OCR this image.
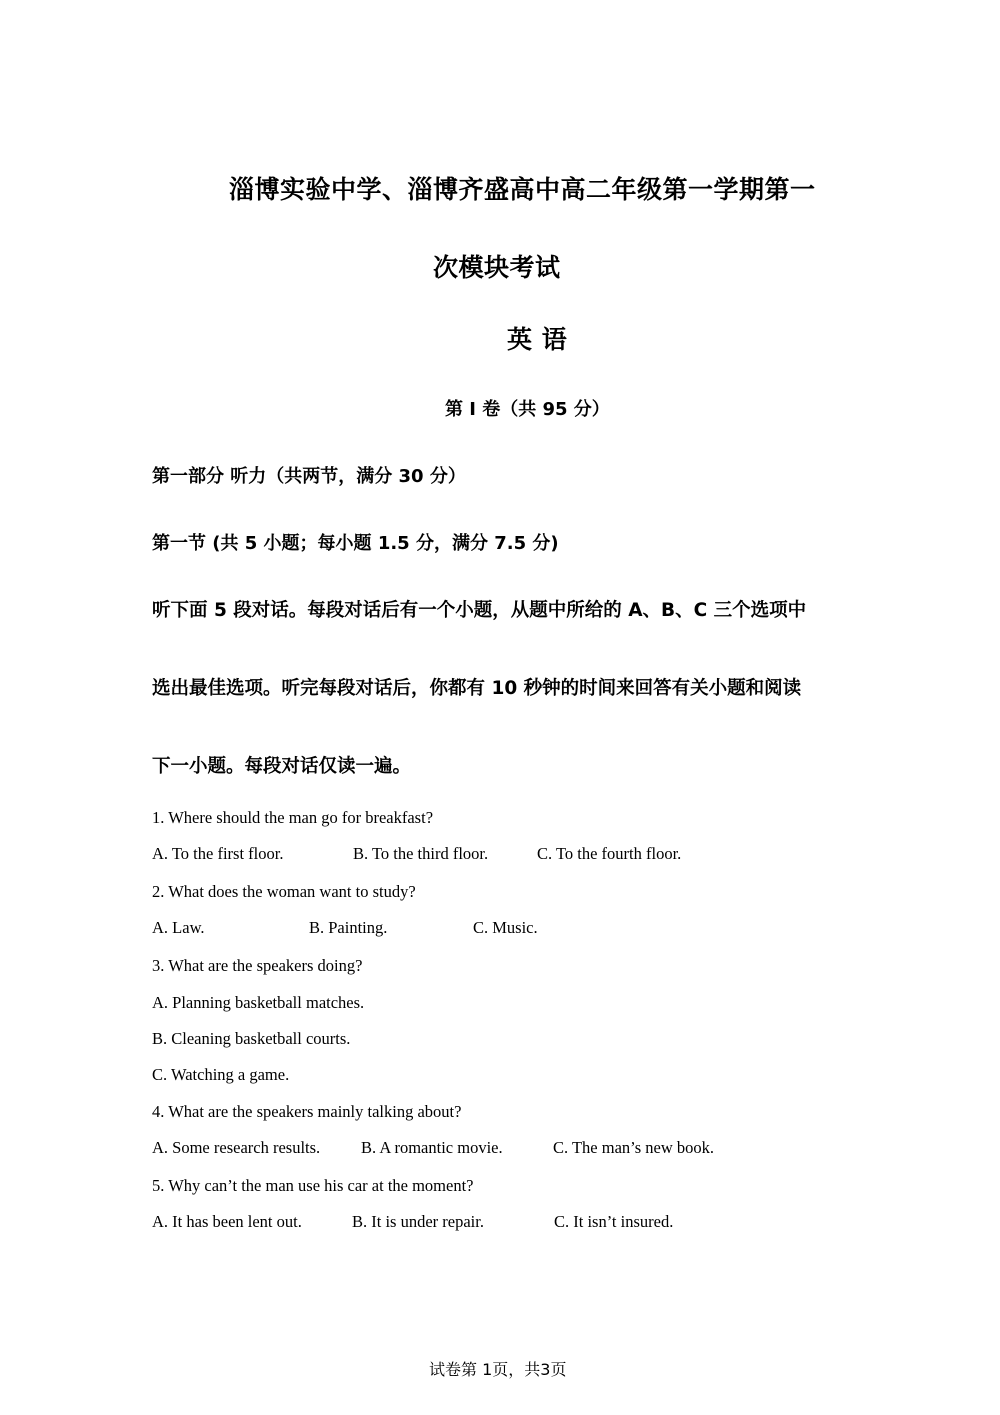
淄博实验中学、淄博齐盛高中高二年级第一学期第一
次模块考试
英 语
第 I 卷（共 95 分）
第一部分 听力（共两节，满分 30 分）
第一节 (共 5 小题；每小题 1.5 分，满分 7.5 分)
听下面 5 段对话。每段对话后有一个小题，从题中所给的 A、B、C 三个选项中
选出最佳选项。听完每段对话后，你都有 10 秒钟的时间来回答有关小题和阅读
下一小题。每段对话仅读一遍。
1. Where should the man go for breakfast?
A. To the first floor.	B. To the third floor.	C. To the fourth floor.
2. What does the woman want to study?
A. Law.	B. Painting.	C. Music.
3. What are the speakers doing?
A. Planning basketball matches.
B. Cleaning basketball courts.
C. Watching a game.
4. What are the speakers mainly talking about?
A. Some research results. B. A romantic movie.	C. The man’s new book.
5. Why can’t the man use his car at the moment?
A. It has been lent out.	B. It is under repair.	C. It isn’t insured.
试卷第 1页，共3页
